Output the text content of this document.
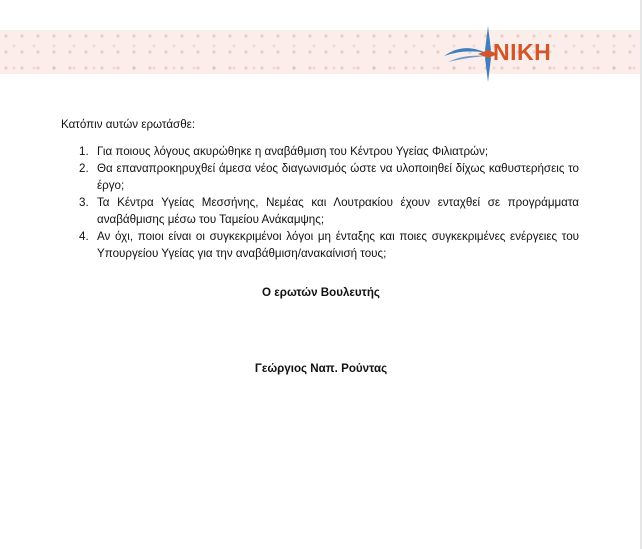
ΝΙΚΗ

Κατόπιν αυτών ερωτάσθε:

1. Για ποιους λόγους ακυρώθηκε η αναβάθμιση του Κέντρου Υγείας Φιλιατρών;
2. Θα επαναπροκηρυχθεί άμεσα νέος διαγωνισμός ώστε να υλοποιηθεί δίχως καθυστερήσεις το έργο;
3. Τα Κέντρα Υγείας Μεσσήνης, Νεμέας και Λουτρακίου έχουν ενταχθεί σε προγράμματα αναβάθμισης μέσω του Ταμείου Ανάκαμψης;
4. Αν όχι, ποιοι είναι οι συγκεκριμένοι λόγοι μη ένταξης και ποιες συγκεκριμένες ενέργειες του Υπουργείου Υγείας για την αναβάθμιση/ανακαίνισή τους;
Ο ερωτών Βουλευτής
Γεώργιος Ναπ. Ρούντας
